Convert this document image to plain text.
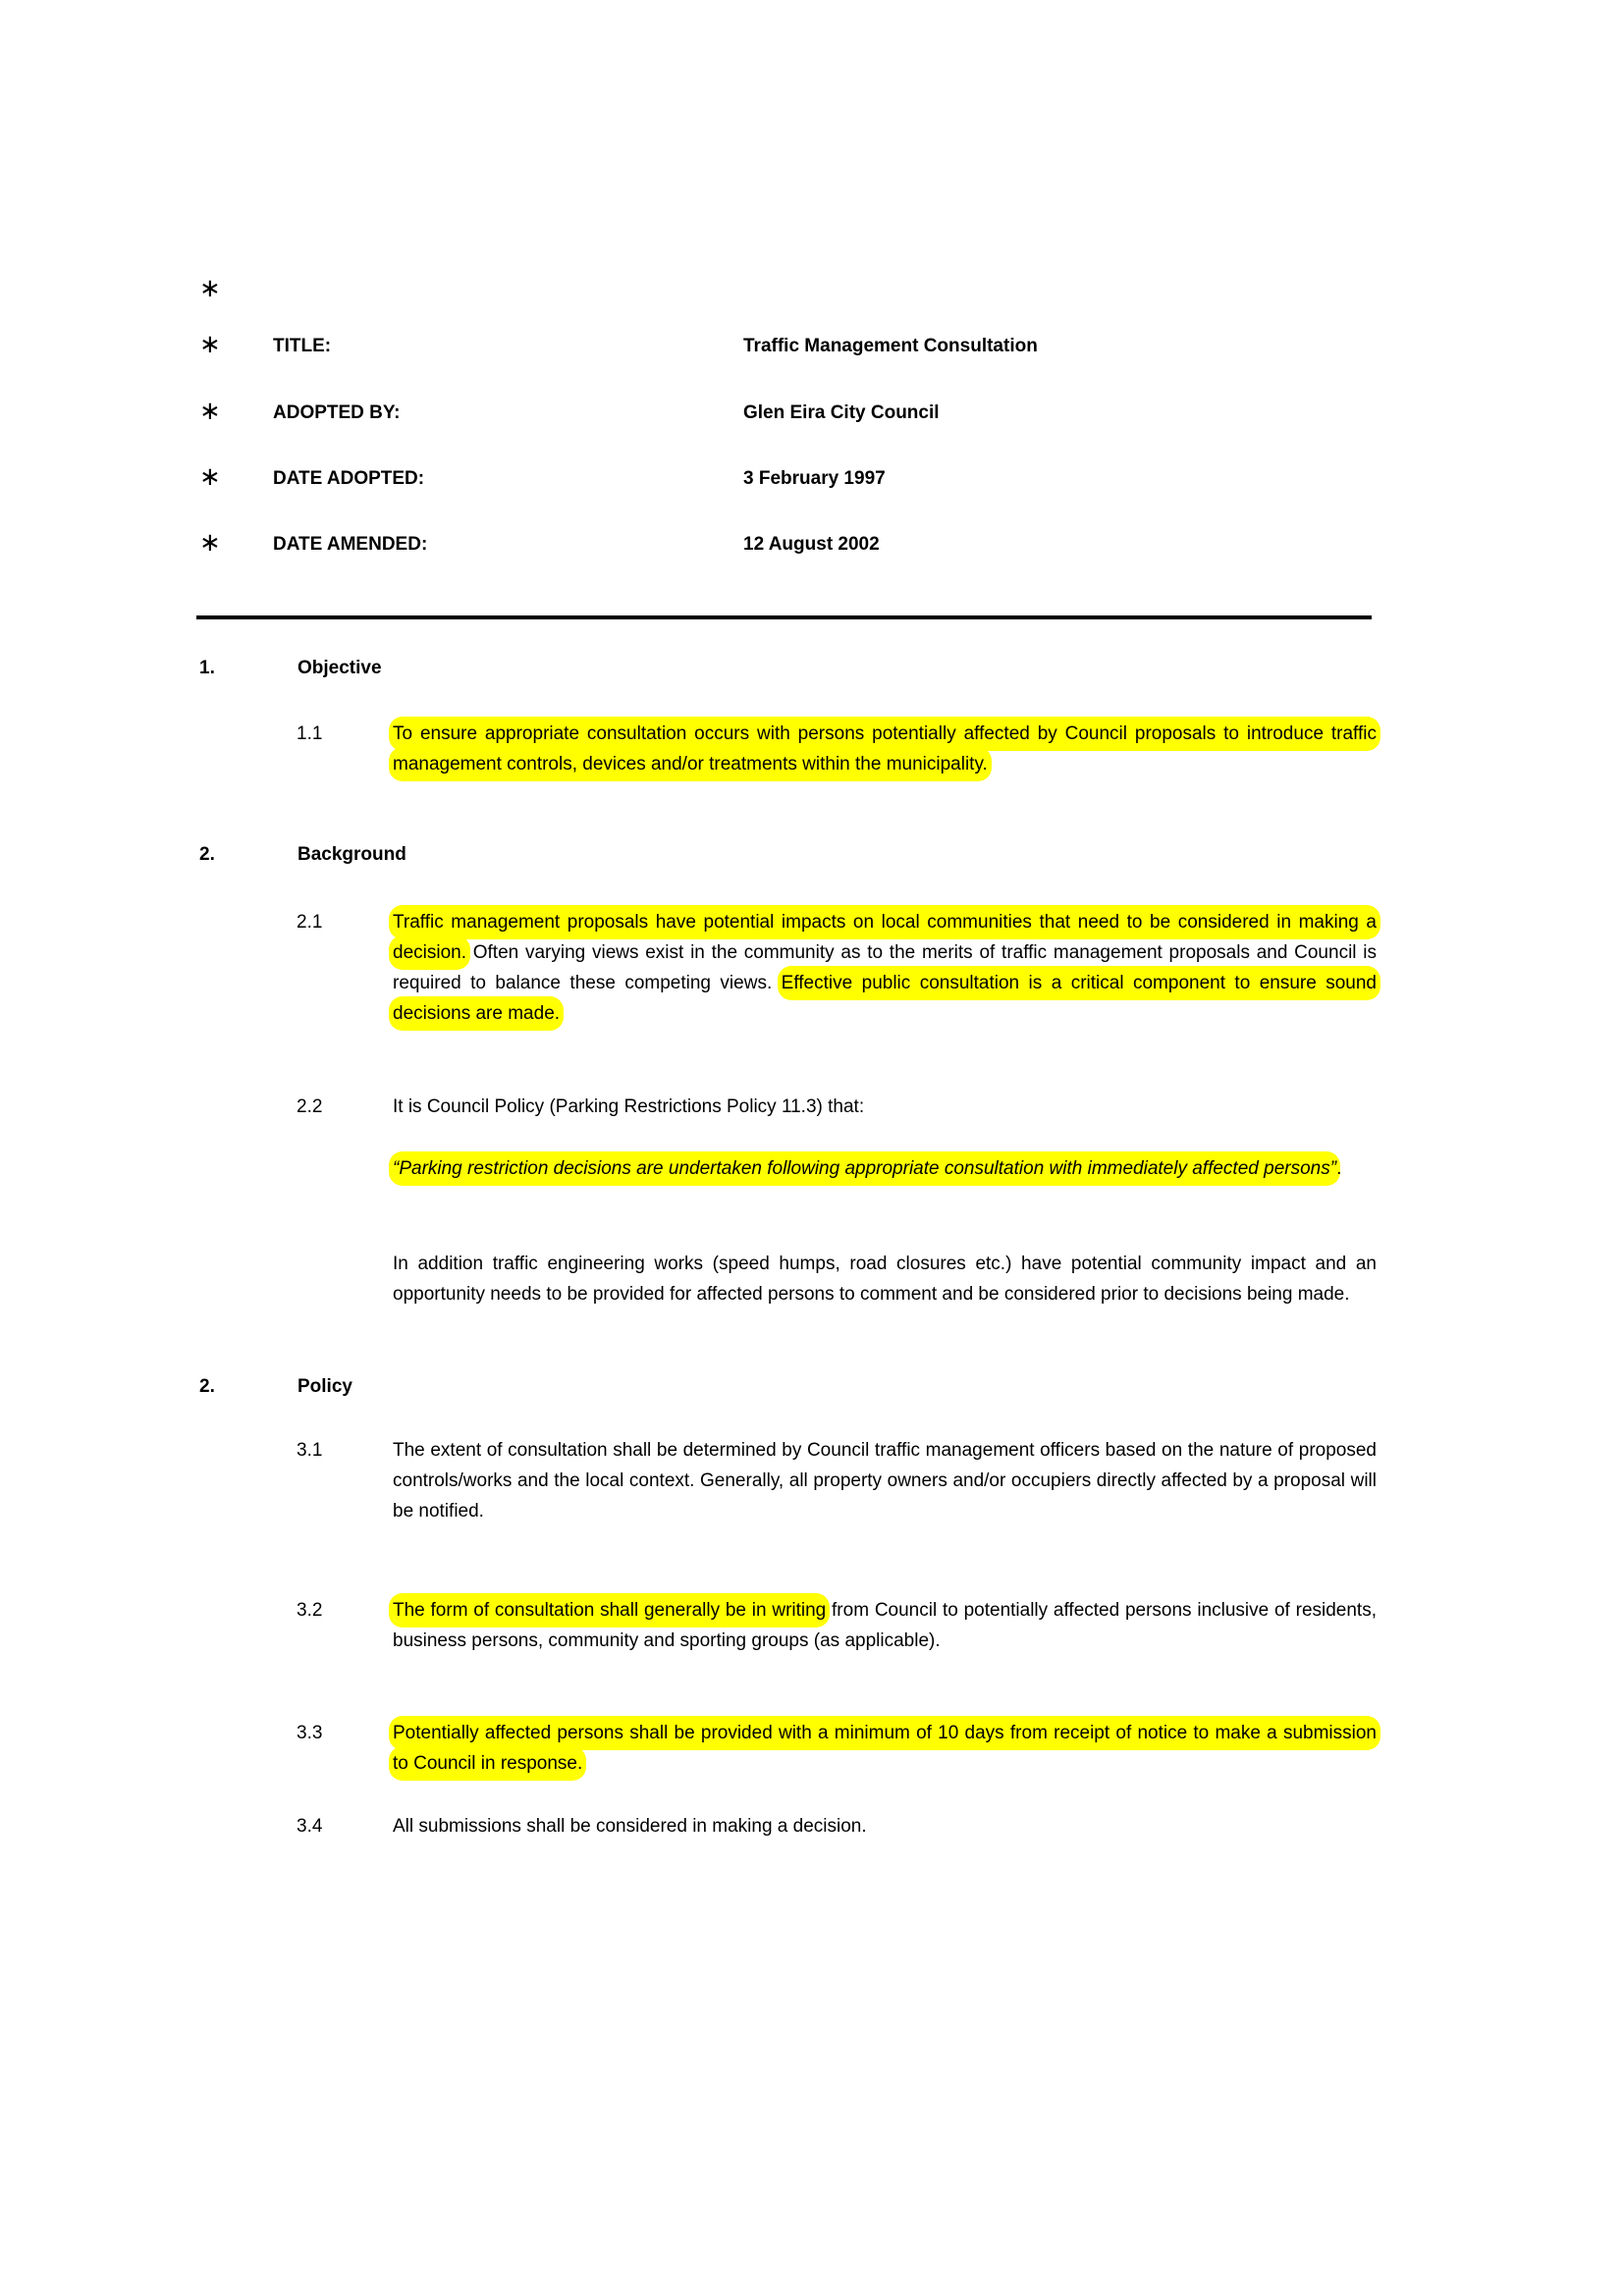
∗
∗	TITLE:	Traffic Management Consultation
∗	ADOPTED BY:	Glen Eira City Council
∗	DATE ADOPTED:	3 February 1997
∗	DATE AMENDED:	12 August 2002
1.	Objective
1.1	To ensure appropriate consultation occurs with persons potentially affected by Council proposals to introduce traffic management controls, devices and/or treatments within the municipality.
2.	Background
2.1	Traffic management proposals have potential impacts on local communities that need to be considered in making a decision. Often varying views exist in the community as to the merits of traffic management proposals and Council is required to balance these competing views. Effective public consultation is a critical component to ensure sound decisions are made.
2.2	It is Council Policy (Parking Restrictions Policy 11.3) that:
“Parking restriction decisions are undertaken following appropriate consultation with immediately affected persons”.
In addition traffic engineering works (speed humps, road closures etc.) have potential community impact and an opportunity needs to be provided for affected persons to comment and be considered prior to decisions being made.
2.	Policy
3.1	The extent of consultation shall be determined by Council traffic management officers based on the nature of proposed controls/works and the local context. Generally, all property owners and/or occupiers directly affected by a proposal will be notified.
3.2	The form of consultation shall generally be in writing from Council to potentially affected persons inclusive of residents, business persons, community and sporting groups (as applicable).
3.3	Potentially affected persons shall be provided with a minimum of 10 days from receipt of notice to make a submission to Council in response.
3.4	All submissions shall be considered in making a decision.
